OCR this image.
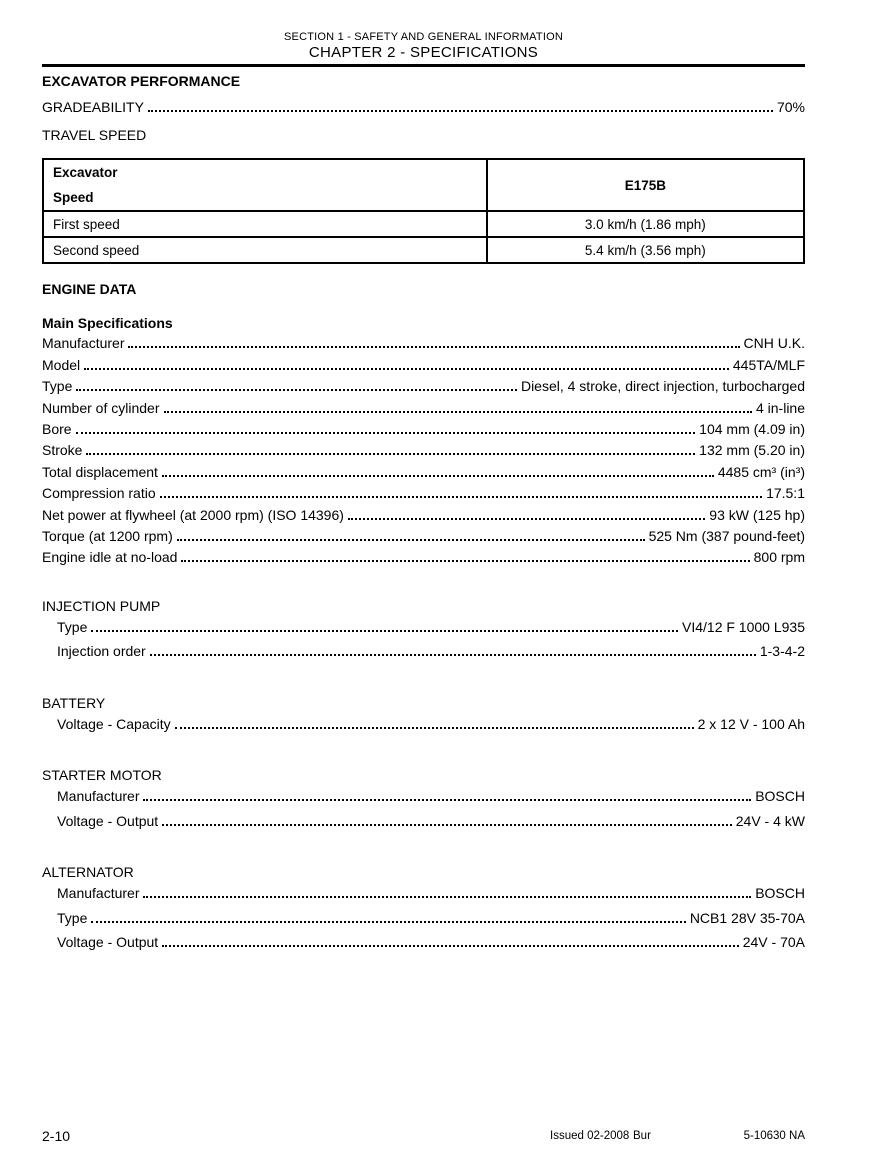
SECTION 1 - SAFETY AND GENERAL INFORMATION
CHAPTER 2 - SPECIFICATIONS
EXCAVATOR PERFORMANCE
GRADEABILITY	70%
TRAVEL SPEED
Excavator
Speed	E175B
First speed	3.0 km/h (1.86 mph)
Second speed	5.4 km/h (3.56 mph)
ENGINE DATA
Main Specifications
Manufacturer	CNH U.K.
Model	445TA/MLF
Type	Diesel, 4 stroke, direct injection, turbocharged
Number of cylinder	4 in-line
Bore	104 mm (4.09 in)
Stroke	132 mm (5.20 in)
Total displacement	4485 cm³ (in³)
Compression ratio	17.5:1
Net power at flywheel (at 2000 rpm) (ISO 14396)	93 kW (125 hp)
Torque (at 1200 rpm)	525 Nm (387 pound-feet)
Engine idle at no-load	800 rpm
INJECTION PUMP
Type	VI4/12 F 1000 L935
Injection order	1-3-4-2
BATTERY
Voltage - Capacity	2 x 12 V - 100 Ah
STARTER MOTOR
Manufacturer	BOSCH
Voltage - Output	24V - 4 kW
ALTERNATOR
Manufacturer	BOSCH
Type	NCB1 28V 35-70A
Voltage - Output	24V - 70A
2-10	Issued 02-2008 Bur	5-10630 NA
